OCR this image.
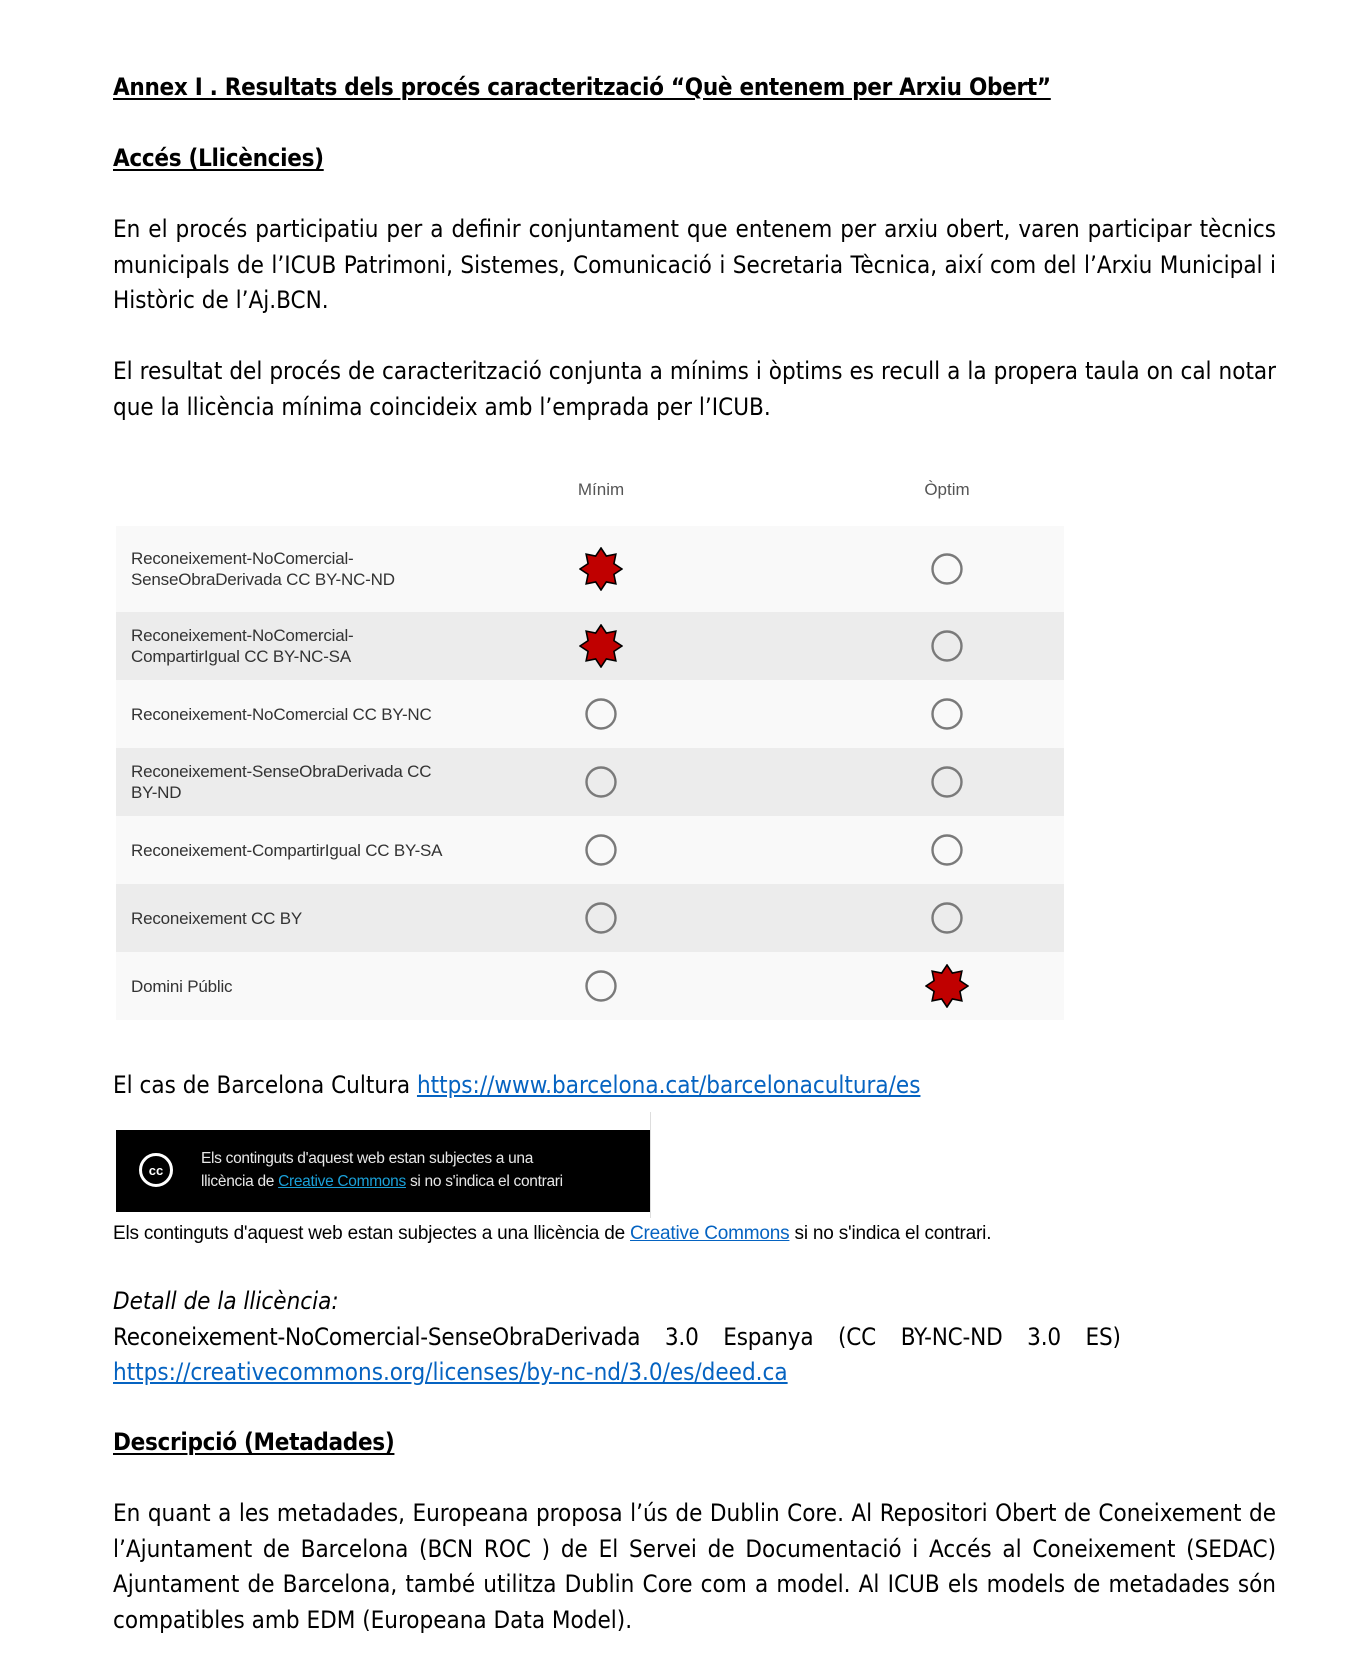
Annex I . Resultats dels procés caracterització “Què entenem per Arxiu Obert”
Accés (Llicències)
En el procés participatiu per a definir conjuntament que entenem per arxiu obert, varen participar tècnics municipals de l’ICUB Patrimoni, Sistemes, Comunicació i Secretaria Tècnica, així com del l’Arxiu Municipal i Històric de l’Aj.BCN.
El resultat del procés de caracterització conjunta a mínims i òptims es recull a la propera taula on cal notar que la llicència mínima coincideix amb l’emprada per l’ICUB.
Mínim	Òptim
Reconeixement-NoComercial-SenseObraDerivada CC BY-NC-ND
Reconeixement-NoComercial-CompartirIgual CC BY-NC-SA
Reconeixement-NoComercial CC BY-NC
Reconeixement-SenseObraDerivada CC BY-ND
Reconeixement-CompartirIgual CC BY-SA
Reconeixement CC BY
Domini Públic
El cas de Barcelona Cultura https://www.barcelona.cat/barcelonacultura/es
cc
Els continguts d'aquest web estan subjectes a una
llicència de Creative Commons si no s'indica el contrari
Els continguts d'aquest web estan subjectes a una llicència de Creative Commons si no s'indica el contrari.
Detall de la llicència:
Reconeixement-NoComercial-SenseObraDerivada 3.0 Espanya (CC BY-NC-ND 3.0 ES)
https://creativecommons.org/licenses/by-nc-nd/3.0/es/deed.ca
Descripció (Metadades)
En quant a les metadades, Europeana proposa l’ús de Dublin Core. Al Repositori Obert de Coneixement de l’Ajuntament de Barcelona (BCN ROC ) de El Servei de Documentació i Accés al Coneixement (SEDAC) Ajuntament de Barcelona, també utilitza Dublin Core com a model. Al ICUB els models de metadades són compatibles amb EDM (Europeana Data Model).
